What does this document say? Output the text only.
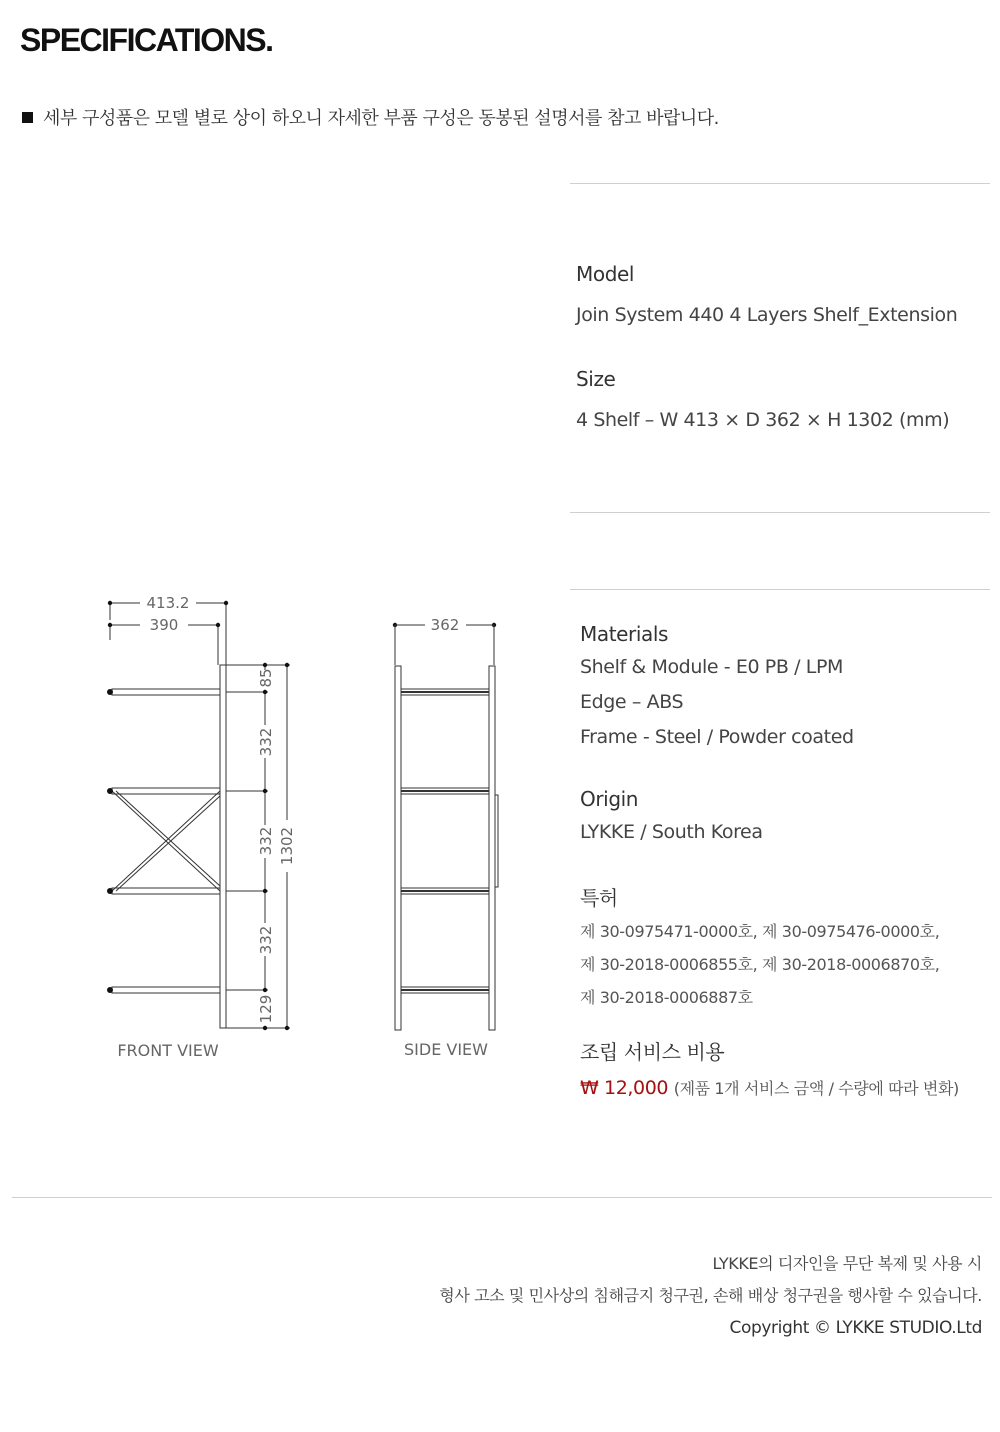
SPECIFICATIONS.
세부 구성품은 모델 별로 상이 하오니 자세한 부품 구성은 동봉된 설명서를 참고 바랍니다.
Model
Join System 440 4 Layers Shelf_Extension
Size
4 Shelf – W 413 × D 362 × H 1302 (mm)
Materials
Shelf & Module - E0 PB / LPM
Edge – ABS
Frame - Steel / Powder coated
Origin
LYKKE / South Korea
특허
제 30-0975471-0000호, 제 30-0975476-0000호,
제 30-2018-0006855호, 제 30-2018-0006870호,
제 30-2018-0006887호
조립 서비스 비용
₩ 12,000 (제품 1개 서비스 금액 / 수량에 따라 변화)
413.2
390	362
85
332
332
332
129
1302
FRONT VIEW	SIDE VIEW
LYKKE의 디자인을 무단 복제 및 사용 시
형사 고소 및 민사상의 침해금지 청구권, 손해 배상 청구권을 행사할 수 있습니다.
Copyright © LYKKE STUDIO.Ltd
